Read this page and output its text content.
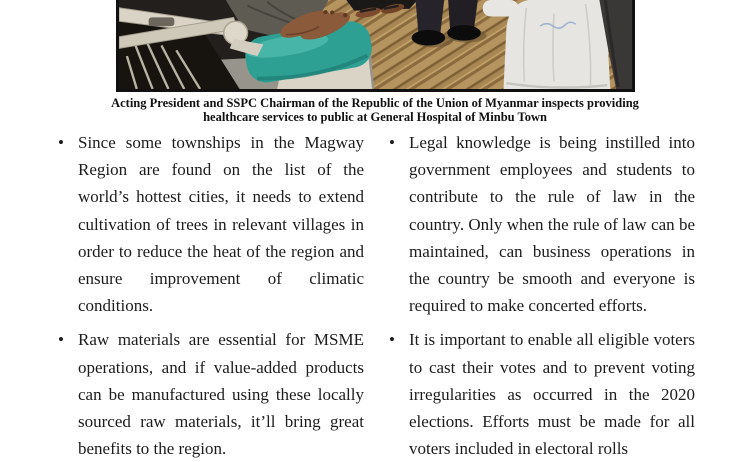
Acting President and SSPC Chairman of the Republic of the Union of Myanmar inspects providing
healthcare services to public at General Hospital of Minbu Town
• Since some townships in the Magway Region are found on the list of the world’s hottest cities, it needs to extend cultivation of trees in relevant villages in order to reduce the heat of the region and ensure improvement of climatic conditions.
• Raw materials are essential for MSME operations, and if value-added products can be manufactured using these locally sourced raw materials, it’ll bring great benefits to the region.
• Legal knowledge is being instilled into government employees and students to contribute to the rule of law in the country. Only when the rule of law can be maintained, can business operations in the country be smooth and everyone is required to make concerted efforts.
• It is important to enable all eligible voters to cast their votes and to prevent voting irregularities as occurred in the 2020 elections. Efforts must be made for all voters included in electoral rolls
